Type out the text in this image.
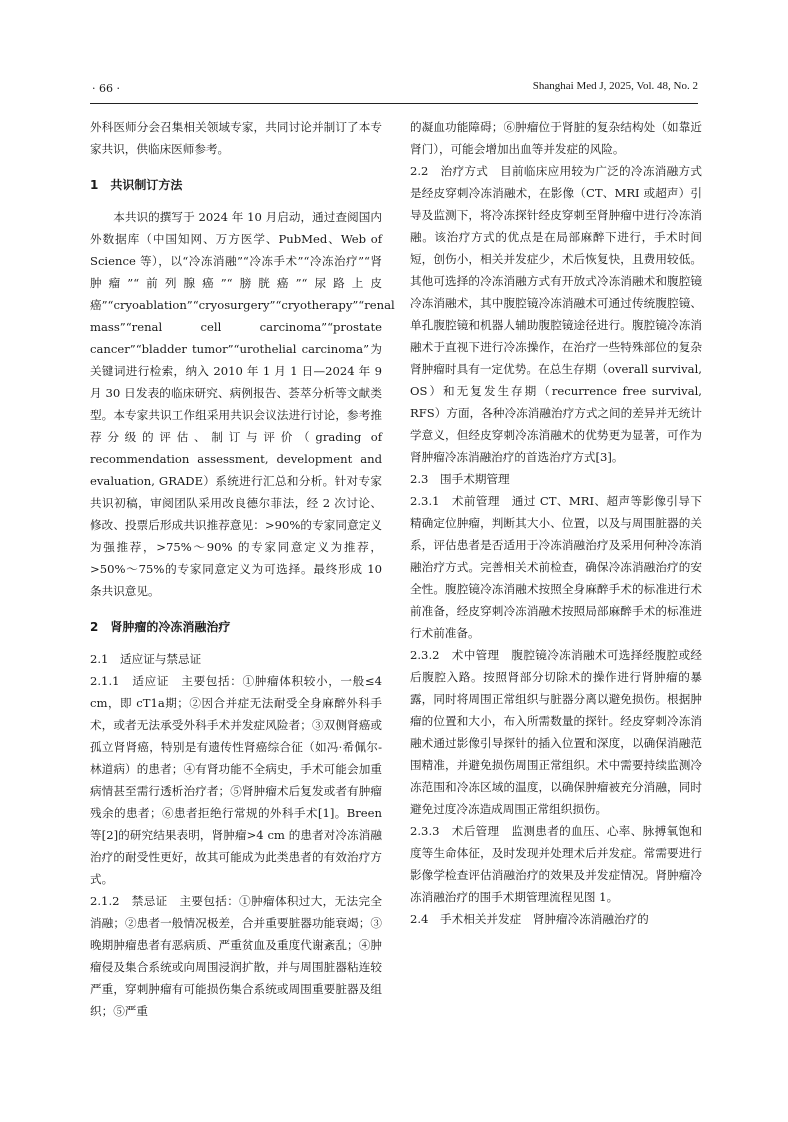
· 66 ·	Shanghai Med J, 2025, Vol. 48, No. 2

外科医师分会召集相关领域专家，共同讨论并制订了本专家共识，供临床医师参考。

1　共识制订方法

本共识的撰写于 2024 年 10 月启动，通过查阅国内外数据库（中国知网、万方医学、PubMed、Web of Science 等），以“冷冻消融”“冷冻手术”“冷冻治疗”“肾肿瘤”“前列腺癌”“膀胱癌”“尿路上皮癌”“cryoablation”“cryosurgery”“cryotherapy”“renal mass”“renal cell carcinoma”“prostate cancer”“bladder tumor”“urothelial carcinoma”为关键词进行检索，纳入 2010 年 1 月 1 日—2024 年 9 月 30 日发表的临床研究、病例报告、荟萃分析等文献类型。本专家共识工作组采用共识会议法进行讨论，参考推荐分级的评估、制订与评价（grading of recommendation assessment, development and evaluation, GRADE）系统进行汇总和分析。针对专家共识初稿，审阅团队采用改良德尔菲法，经 2 次讨论、修改、投票后形成共识推荐意见：>90%的专家同意定义为强推荐，>75%～90% 的专家同意定义为推荐，>50%～75%的专家同意定义为可选择。最终形成 10 条共识意见。

2　肾肿瘤的冷冻消融治疗

2.1　适应证与禁忌证

2.1.1　适应证　主要包括：①肿瘤体积较小，一般≤4 cm，即 cT1a期；②因合并症无法耐受全身麻醉外科手术，或者无法承受外科手术并发症风险者；③双侧肾癌或孤立肾肾癌，特别是有遗传性肾癌综合征（如冯·希佩尔-林道病）的患者；④有肾功能不全病史，手术可能会加重病情甚至需行透析治疗者；⑤肾肿瘤术后复发或者有肿瘤残余的患者；⑥患者拒绝行常规的外科手术[1]。Breen等[2]的研究结果表明，肾肿瘤>4 cm 的患者对冷冻消融治疗的耐受性更好，故其可能成为此类患者的有效治疗方式。

2.1.2　禁忌证　主要包括：①肿瘤体积过大，无法完全消融；②患者一般情况极差，合并重要脏器功能衰竭；③晚期肿瘤患者有恶病质、严重贫血及重度代谢紊乱；④肿瘤侵及集合系统或向周围浸润扩散，并与周围脏器粘连较严重，穿刺肿瘤有可能损伤集合系统或周围重要脏器及组织；⑤严重

的凝血功能障碍；⑥肿瘤位于肾脏的复杂结构处（如靠近肾门），可能会增加出血等并发症的风险。

2.2　治疗方式　目前临床应用较为广泛的冷冻消融方式是经皮穿刺冷冻消融术，在影像（CT、MRI 或超声）引导及监测下，将冷冻探针经皮穿刺至肾肿瘤中进行冷冻消融。该治疗方式的优点是在局部麻醉下进行，手术时间短，创伤小，相关并发症少，术后恢复快，且费用较低。其他可选择的冷冻消融方式有开放式冷冻消融术和腹腔镜冷冻消融术，其中腹腔镜冷冻消融术可通过传统腹腔镜、单孔腹腔镜和机器人辅助腹腔镜途径进行。腹腔镜冷冻消融术于直视下进行冷冻操作，在治疗一些特殊部位的复杂肾肿瘤时具有一定优势。在总生存期（overall survival, OS）和无复发生存期（recurrence free survival, RFS）方面，各种冷冻消融治疗方式之间的差异并无统计学意义，但经皮穿刺冷冻消融术的优势更为显著，可作为肾肿瘤冷冻消融治疗的首选治疗方式[3]。

2.3　围手术期管理

2.3.1　术前管理　通过 CT、MRI、超声等影像引导下精确定位肿瘤，判断其大小、位置，以及与周围脏器的关系，评估患者是否适用于冷冻消融治疗及采用何种冷冻消融治疗方式。完善相关术前检查，确保冷冻消融治疗的安全性。腹腔镜冷冻消融术按照全身麻醉手术的标准进行术前准备，经皮穿刺冷冻消融术按照局部麻醉手术的标准进行术前准备。

2.3.2　术中管理　腹腔镜冷冻消融术可选择经腹腔或经后腹腔入路。按照肾部分切除术的操作进行肾肿瘤的暴露，同时将周围正常组织与脏器分离以避免损伤。根据肿瘤的位置和大小，布入所需数量的探针。经皮穿刺冷冻消融术通过影像引导探针的插入位置和深度，以确保消融范围精准，并避免损伤周围正常组织。术中需要持续监测冷冻范围和冷冻区域的温度，以确保肿瘤被充分消融，同时避免过度冷冻造成周围正常组织损伤。

2.3.3　术后管理　监测患者的血压、心率、脉搏氧饱和度等生命体征，及时发现并处理术后并发症。常需要进行影像学检查评估消融治疗的效果及并发症情况。肾肿瘤冷冻消融治疗的围手术期管理流程见图 1。

2.4　手术相关并发症　肾肿瘤冷冻消融治疗的
